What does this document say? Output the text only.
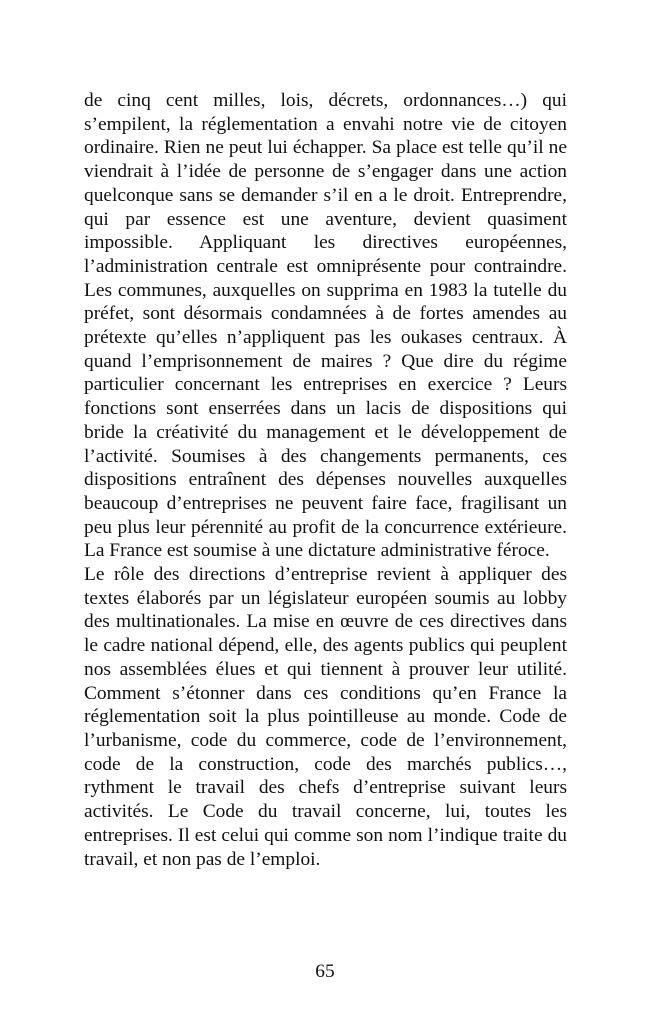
de cinq cent milles, lois, décrets, ordonnances…) qui s’empilent, la réglementation a envahi notre vie de citoyen ordinaire. Rien ne peut lui échapper. Sa place est telle qu’il ne viendrait à l’idée de personne de s’engager dans une action quelconque sans se demander s’il en a le droit. Entreprendre, qui par essence est une aventure, devient quasiment impossible. Appliquant les directives européennes, l’administration centrale est omniprésente pour contraindre. Les communes, auxquelles on supprima en 1983 la tutelle du préfet, sont désormais condamnées à de fortes amendes au prétexte qu’elles n’appliquent pas les oukases centraux. À quand l’emprisonnement de maires ? Que dire du régime particulier concernant les entreprises en exercice ? Leurs fonctions sont enserrées dans un lacis de dispositions qui bride la créativité du management et le développement de l’activité. Soumises à des changements permanents, ces dispositions entraînent des dépenses nouvelles auxquelles beaucoup d’entreprises ne peuvent faire face, fragilisant un peu plus leur pérennité au profit de la concurrence extérieure. La France est soumise à une dictature administrative féroce.

Le rôle des directions d’entreprise revient à appliquer des textes élaborés par un législateur européen soumis au lobby des multinationales. La mise en œuvre de ces directives dans le cadre national dépend, elle, des agents publics qui peuplent nos assemblées élues et qui tiennent à prouver leur utilité. Comment s’étonner dans ces conditions qu’en France la réglementation soit la plus pointilleuse au monde. Code de l’urbanisme, code du commerce, code de l’environnement, code de la construction, code des marchés publics…, rythment le travail des chefs d’entreprise suivant leurs activités. Le Code du travail concerne, lui, toutes les entreprises. Il est celui qui comme son nom l’indique traite du travail, et non pas de l’emploi.

65
